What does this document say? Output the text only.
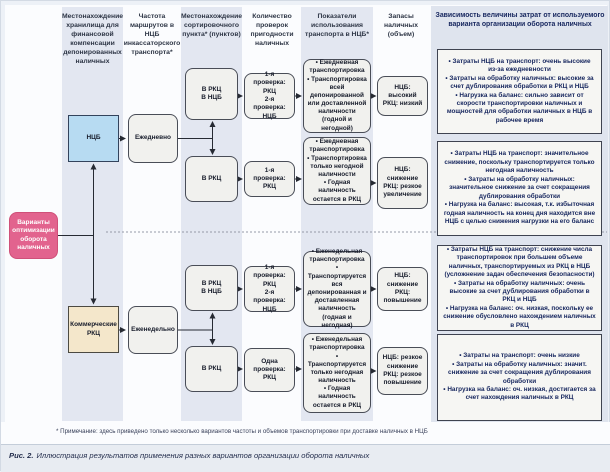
Местонахождение хранилища для финансовой компенсации депонированных наличных
Частота маршрутов в НЦБ инкассаторского транспорта*
Местонахождение сортировочного пункта* (пунктов)
Количество проверок пригодности наличных
Показатели использования транспорта в НЦБ*
Запасы наличных (объем)
Зависимость величины затрат от используемого варианта организации оборота наличных
Варианты оптимизации оборота наличных
НЦБ
Коммерческие РКЦ
Ежедневно
Еженедельно
В РКЦ
В НЦБ
В РКЦ
В РКЦ
В НЦБ
В РКЦ
1-я проверка: РКЦ
2-я проверка: НЦБ
1-я проверка: РКЦ
1-я проверка: РКЦ
2-я проверка: НЦБ
Одна проверка: РКЦ
• Ежедневная транспортировка
• Транспортировка всей депонированной или доставленной наличности (годной и негодной)
• Ежедневная транспортировка
• Транспортировка только негодной наличности
• Годная наличность остается в РКЦ
• Еженедельная транспортировка
• Транспортируется вся депонированная и доставленная наличность (годная и негодная)
• Еженедельная транспортировка
• Транспортируется только негодная наличность
• Годная наличность остается в РКЦ
НЦБ: высокий
РКЦ: низкий
НЦБ: снижение
РКЦ: резкое увеличение
НЦБ: снижение
РКЦ: повышение
НЦБ: резкое снижение
РКЦ: резкое повышение
• Затраты НЦБ на транспорт: очень высокие из-за ежедневности
• Затраты на обработку наличных: высокие за счет дублирования обработки в РКЦ и НЦБ
• Нагрузка на баланс: сильно зависит от скорости транспортировки наличных и мощностей для обработки наличных в НЦБ в рабочее время
• Затраты НЦБ на транспорт: значительное снижение, поскольку транспортируется только негодная наличность
• Затраты на обработку наличных: значительное снижение за счет сокращения дублирования обработки
• Нагрузка на баланс: высокая, т.к. избыточная годная наличность на конец дня находится вне НЦБ с целью снижения нагрузки на его баланс
• Затраты НЦБ на транспорт: снижение числа транспортировок при большем объеме наличных, транспортируемых из РКЦ в НЦБ (усложнение задач обеспечения безопасности)
• Затраты на обработку наличных: очень высокие за счет дублирования обработки в РКЦ и НЦБ
• Нагрузка на баланс: оч. низкая, поскольку ее снижение обусловлено нахождением наличных в РКЦ
• Затраты на транспорт: очень низкие
• Затраты на обработку наличных: значит. снижение за счет сокращения дублирования обработки
• Нагрузка на баланс: оч. низкая, достигается за счет нахождения наличных в РКЦ
* Примечание: здесь приведено только несколько вариантов частоты и объемов транспортировки при доставке наличных в НЦБ
Рис. 2. Иллюстрация результатов применения разных вариантов организации оборота наличных
